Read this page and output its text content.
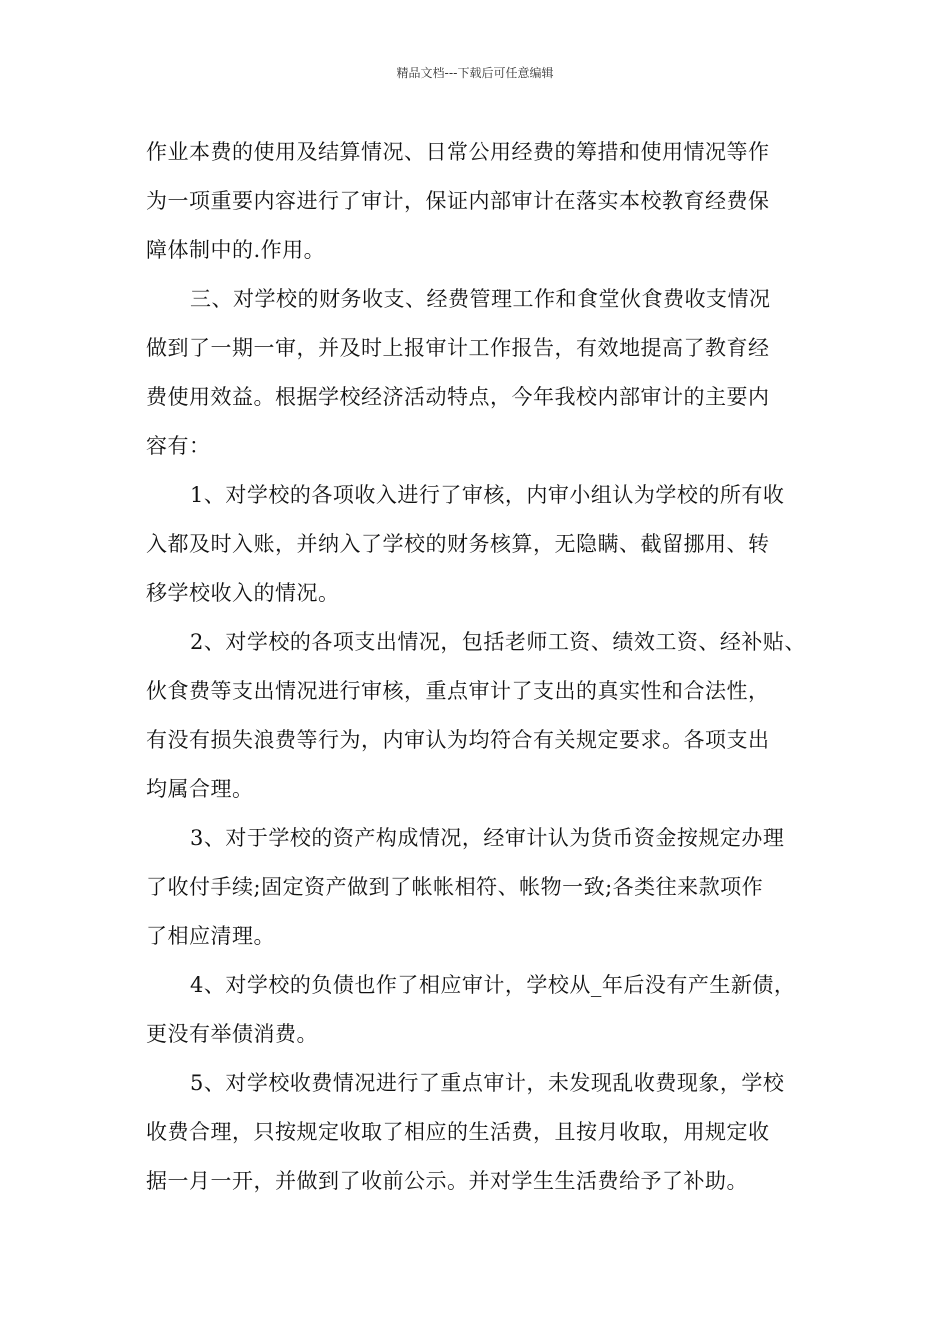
精品文档---下载后可任意编辑
作业本费的使用及结算情况、日常公用经费的筹措和使用情况等作
为一项重要内容进行了审计，保证内部审计在落实本校教育经费保
障体制中的.作用。
三、对学校的财务收支、经费管理工作和食堂伙食费收支情况
做到了一期一审，并及时上报审计工作报告，有效地提高了教育经
费使用效益。根据学校经济活动特点，今年我校内部审计的主要内
容有：
1、对学校的各项收入进行了审核，内审小组认为学校的所有收
入都及时入账，并纳入了学校的财务核算，无隐瞒、截留挪用、转
移学校收入的情况。
2、对学校的各项支出情况，包括老师工资、绩效工资、经补贴、
伙食费等支出情况进行审核，重点审计了支出的真实性和合法性，
有没有损失浪费等行为，内审认为均符合有关规定要求。各项支出
均属合理。
3、对于学校的资产构成情况，经审计认为货币资金按规定办理
了收付手续;固定资产做到了帐帐相符、帐物一致;各类往来款项作
了相应清理。
4、对学校的负债也作了相应审计，学校从_年后没有产生新债，
更没有举债消费。
5、对学校收费情况进行了重点审计，未发现乱收费现象，学校
收费合理，只按规定收取了相应的生活费，且按月收取，用规定收
据一月一开，并做到了收前公示。并对学生生活费给予了补助。
